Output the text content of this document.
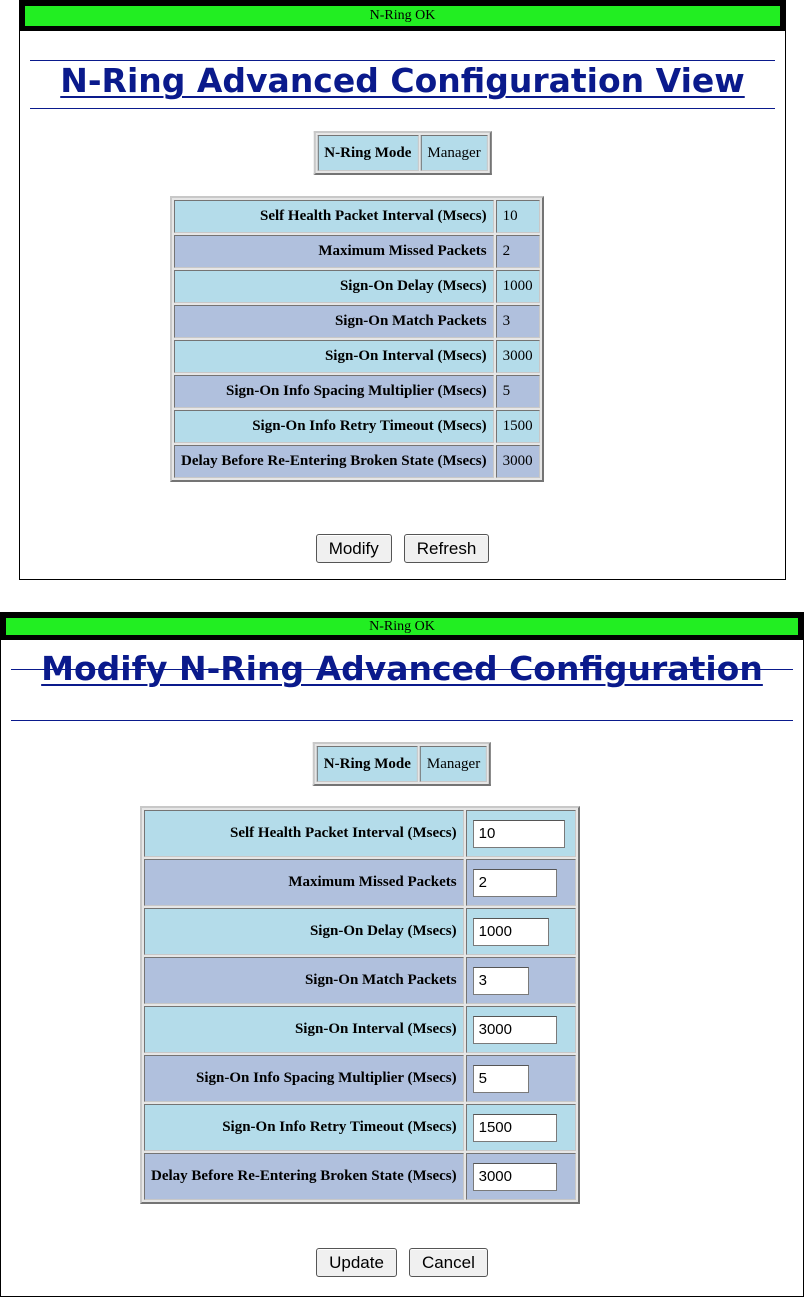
N-Ring OK
N-Ring Advanced Configuration View
N-Ring Mode	Manager
Self Health Packet Interval (Msecs)	10
Maximum Missed Packets	2
Sign-On Delay (Msecs)	1000
Sign-On Match Packets	3
Sign-On Interval (Msecs)	3000
Sign-On Info Spacing Multiplier (Msecs)	5
Sign-On Info Retry Timeout (Msecs)	1500
Delay Before Re-Entering Broken State (Msecs)	3000
Modify Refresh
N-Ring OK
Modify N-Ring Advanced Configuration
N-Ring Mode	Manager
Self Health Packet Interval (Msecs)	10
Maximum Missed Packets	2
Sign-On Delay (Msecs)	1000
Sign-On Match Packets	3
Sign-On Interval (Msecs)	3000
Sign-On Info Spacing Multiplier (Msecs)	5
Sign-On Info Retry Timeout (Msecs)	1500
Delay Before Re-Entering Broken State (Msecs)	3000
Update Cancel
